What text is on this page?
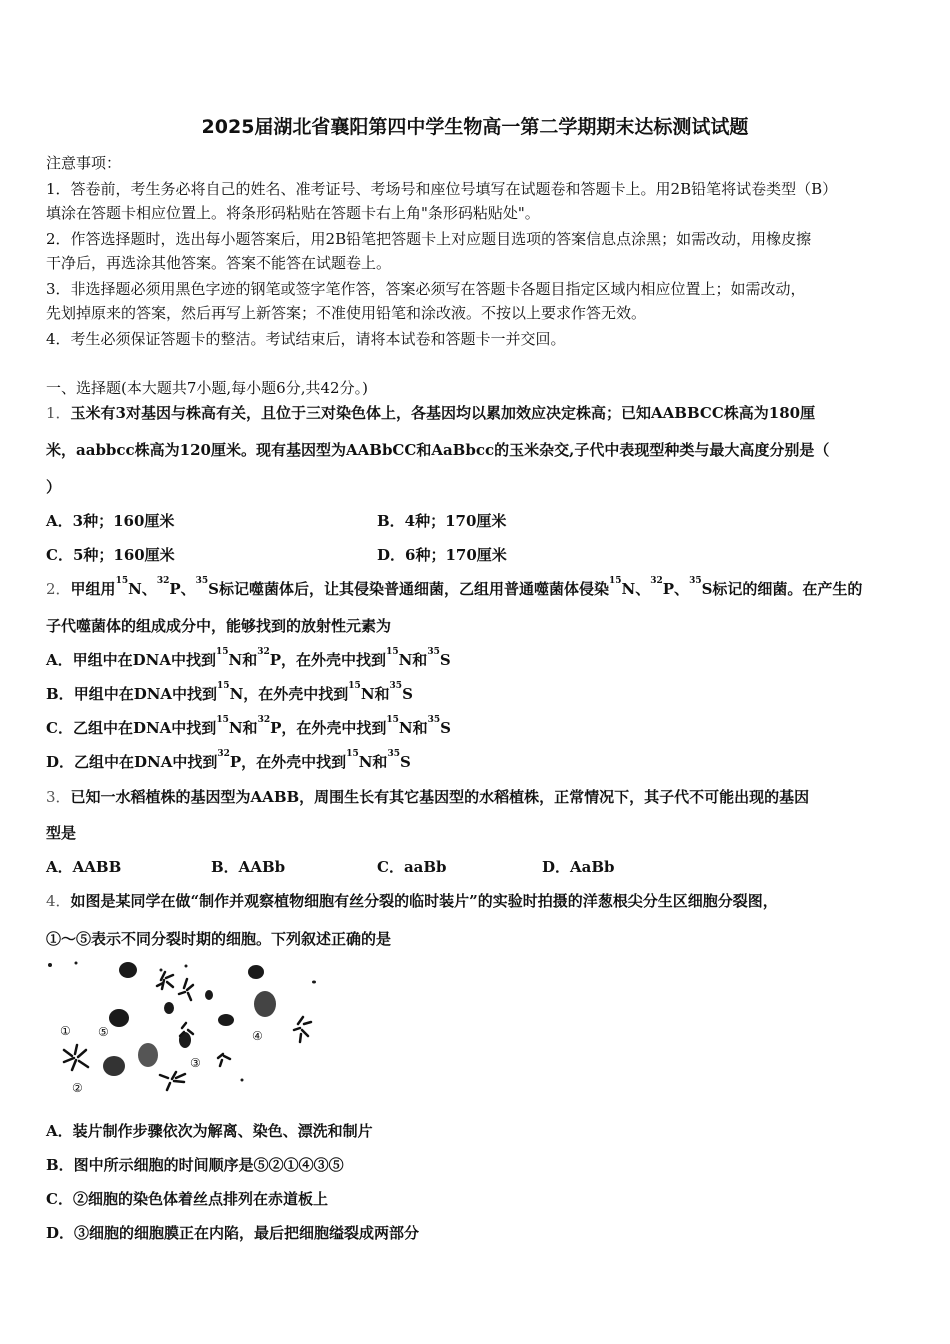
2025届湖北省襄阳第四中学生物高一第二学期期末达标测试试题
注意事项：
1．答卷前，考生务必将自己的姓名、准考证号、考场号和座位号填写在试题卷和答题卡上。用2B铅笔将试卷类型（B）
填涂在答题卡相应位置上。将条形码粘贴在答题卡右上角"条形码粘贴处"。
2．作答选择题时，选出每小题答案后，用2B铅笔把答题卡上对应题目选项的答案信息点涂黑；如需改动，用橡皮擦
干净后，再选涂其他答案。答案不能答在试题卷上。
3．非选择题必须用黑色字迹的钢笔或签字笔作答，答案必须写在答题卡各题目指定区域内相应位置上；如需改动，
先划掉原来的答案，然后再写上新答案；不准使用铅笔和涂改液。不按以上要求作答无效。
4．考生必须保证答题卡的整洁。考试结束后，请将本试卷和答题卡一并交回。
一、选择题(本大题共7小题,每小题6分,共42分。)
1．玉米有3对基因与株高有关，且位于三对染色体上，各基因均以累加效应决定株高；已知AABBCC株高为180厘
米，aabbcc株高为120厘米。现有基因型为AABbCC和AaBbcc的玉米杂交,子代中表现型种类与最大高度分别是（
）
A．3种；160厘米	B．4种；170厘米
C．5种；160厘米	D．6种；170厘米
2．甲组用$^{15}$N、$^{32}$P、$^{35}$S标记噬菌体后，让其侵染普通细菌，乙组用普通噬菌体侵染$^{15}$N、$^{32}$P、$^{35}$S标记的细菌。在产生的
子代噬菌体的组成成分中，能够找到的放射性元素为
A．甲组中在DNA中找到$^{15}$N和$^{32}$P，在外壳中找到$^{15}$N和$^{35}$S
B．甲组中在DNA中找到$^{15}$N，在外壳中找到$^{15}$N和$^{35}$S
C．乙组中在DNA中找到$^{15}$N和$^{32}$P，在外壳中找到$^{15}$N和$^{35}$S
D．乙组中在DNA中找到$^{32}$P，在外壳中找到$^{15}$N和$^{35}$S
3．已知一水稻植株的基因型为AABB，周围生长有其它基因型的水稻植株，正常情况下，其子代不可能出现的基因
型是
A．AABB	B．AABb	C．aaBb	D．AaBb
4．如图是某同学在做“制作并观察植物细胞有丝分裂的临时装片”的实验时拍摄的洋葱根尖分生区细胞分裂图，
①～⑤表示不同分裂时期的细胞。下列叙述正确的是
①
②
③
④
⑤
A．装片制作步骤依次为解离、染色、漂洗和制片
B．图中所示细胞的时间顺序是⑤②①④③⑤
C．②细胞的染色体着丝点排列在赤道板上
D．③细胞的细胞膜正在内陷，最后把细胞缢裂成两部分
